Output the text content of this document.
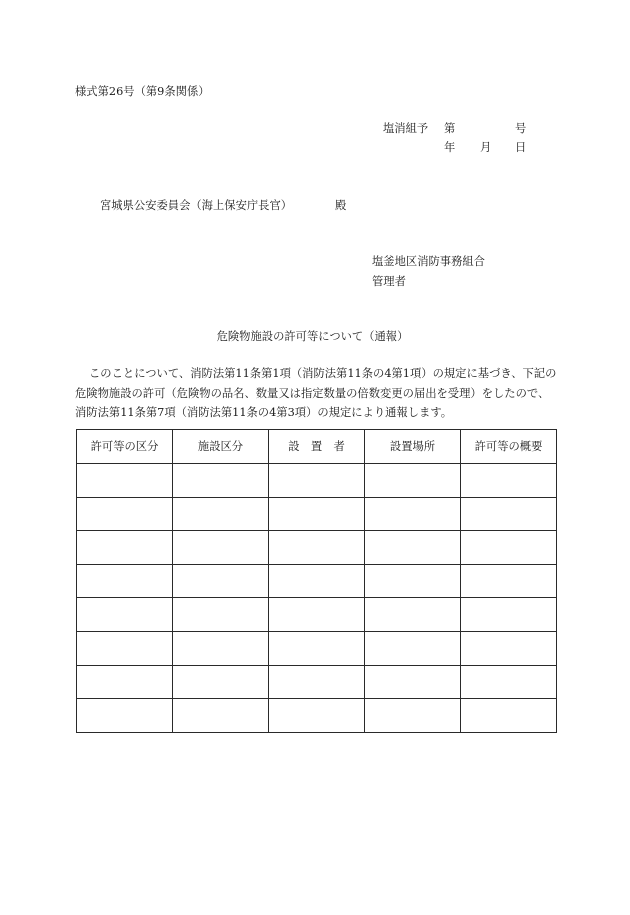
様式第26号（第9条関係）
塩消組予 第	号
年 月 日
宮城県公安委員会（海上保安庁長官）	殿
塩釜地区消防事務組合
管理者
危険物施設の許可等について（通報）
このことについて、消防法第11条第1項（消防法第11条の4第1項）の規定に基づき、下記の
危険物施設の許可（危険物の品名、数量又は指定数量の倍数変更の届出を受理）をしたので、
消防法第11条第7項（消防法第11条の4第3項）の規定により通報します。
許可等の区分	施設区分	設　置　者	設置場所	許可等の概要
